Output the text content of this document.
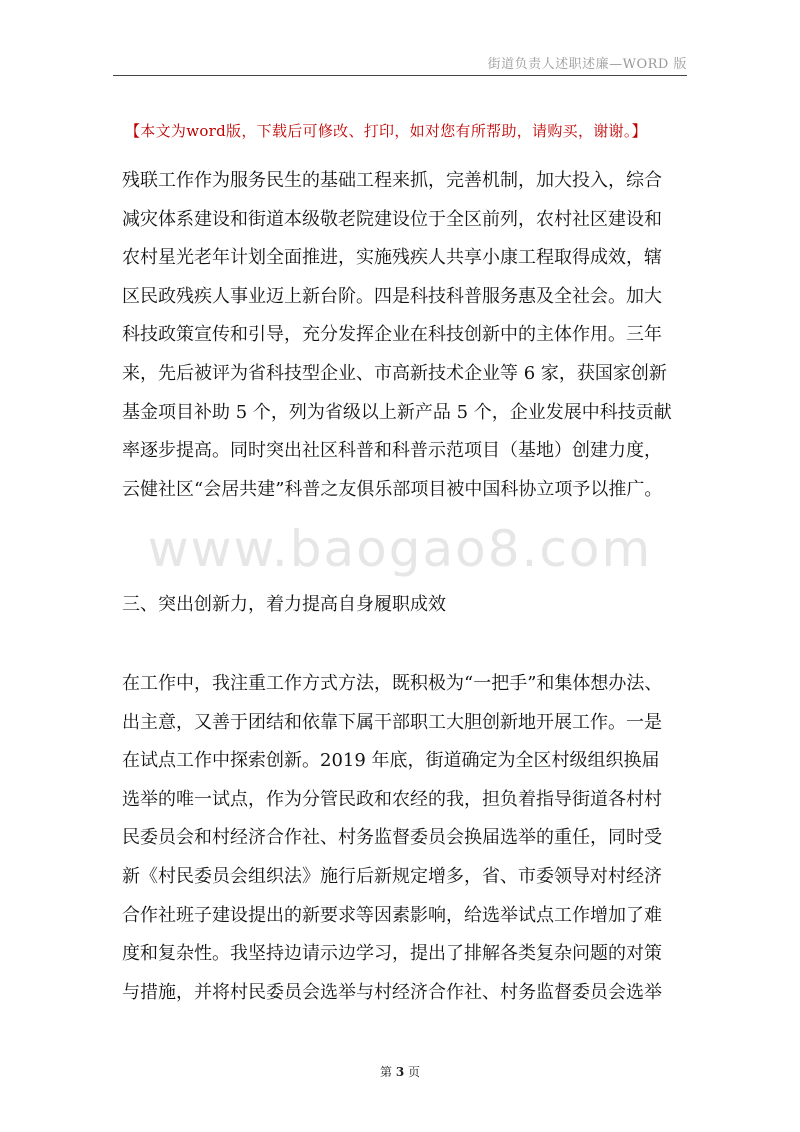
街道负责人述职述廉—WORD 版
【本文为word版，下载后可修改、打印，如对您有所帮助，请购买，谢谢。】
www.baogao8.com

残联工作作为服务民生的基础工程来抓，完善机制，加大投入，综合

减灾体系建设和街道本级敬老院建设位于全区前列，农村社区建设和

农村星光老年计划全面推进，实施残疾人共享小康工程取得成效，辖

区民政残疾人事业迈上新台阶。四是科技科普服务惠及全社会。加大

科技政策宣传和引导，充分发挥企业在科技创新中的主体作用。三年

来，先后被评为省科技型企业、市高新技术企业等 6 家，获国家创新

基金项目补助 5 个，列为省级以上新产品 5 个，企业发展中科技贡献

率逐步提高。同时突出社区科普和科普示范项目（基地）创建力度，

云健社区“会居共建”科普之友俱乐部项目被中国科协立项予以推广。

三、突出创新力，着力提高自身履职成效

在工作中，我注重工作方式方法，既积极为“一把手”和集体想办法、

出主意，又善于团结和依靠下属干部职工大胆创新地开展工作。一是

在试点工作中探索创新。2019 年底，街道确定为全区村级组织换届

选举的唯一试点，作为分管民政和农经的我，担负着指导街道各村村

民委员会和村经济合作社、村务监督委员会换届选举的重任，同时受

新《村民委员会组织法》施行后新规定增多，省、市委领导对村经济

合作社班子建设提出的新要求等因素影响，给选举试点工作增加了难

度和复杂性。我坚持边请示边学习，提出了排解各类复杂问题的对策

与措施，并将村民委员会选举与村经济合作社、村务监督委员会选举

第 3 页
